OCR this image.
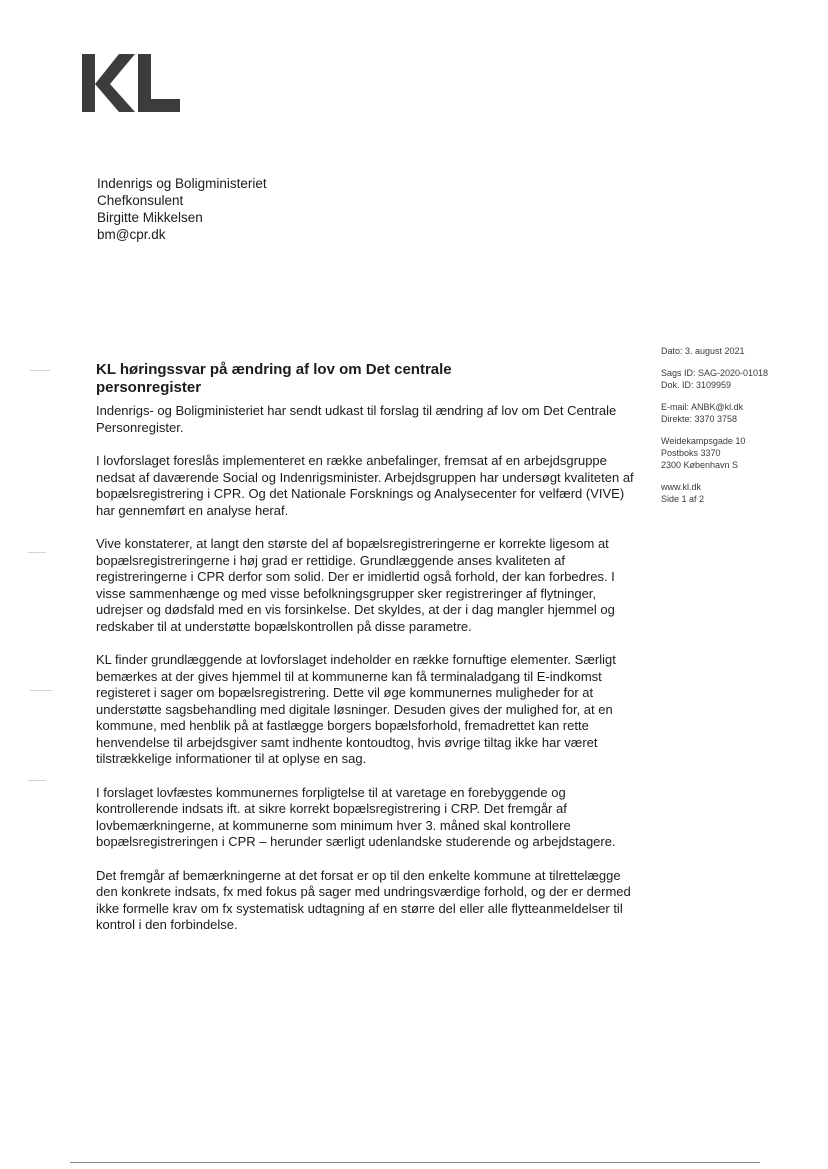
Indenrigs og Boligministeriet
Chefkonsulent
Birgitte Mikkelsen
bm@cpr.dk
Dato: 3. august 2021
Sags ID: SAG-2020-01018
Dok. ID: 3109959
E-mail: ANBK@kl.dk
Direkte: 3370 3758
Weidekampsgade 10
Postboks 3370
2300 København S
www.kl.dk
Side 1 af 2
KL høringssvar på ændring af lov om Det centrale personregister

Indenrigs- og Boligministeriet har sendt udkast til forslag til ændring af lov om Det Centrale Personregister.

I lovforslaget foreslås implementeret en række anbefalinger, fremsat af en arbejdsgruppe nedsat af daværende Social og Indenrigsminister. Arbejdsgruppen har undersøgt kvaliteten af bopælsregistrering i CPR. Og det Nationale Forsknings og Analysecenter for velfærd (VIVE) har gennemført en analyse heraf.

Vive konstaterer, at langt den største del af bopælsregistreringerne er korrekte ligesom at bopælsregistreringerne i høj grad er rettidige. Grundlæggende anses kvaliteten af registreringerne i CPR derfor som solid. Der er imidlertid også forhold, der kan forbedres. I visse sammenhænge og med visse befolkningsgrupper sker registreringer af flytninger, udrejser og dødsfald med en vis forsinkelse. Det skyldes, at der i dag mangler hjemmel og redskaber til at understøtte bopælskontrollen på disse parametre.

KL finder grundlæggende at lovforslaget indeholder en række fornuftige elementer. Særligt bemærkes at der gives hjemmel til at kommunerne kan få terminaladgang til E-indkomst registeret i sager om bopælsregistrering. Dette vil øge kommunernes muligheder for at understøtte sagsbehandling med digitale løsninger. Desuden gives der mulighed for, at en kommune, med henblik på at fastlægge borgers bopælsforhold, fremadrettet kan rette henvendelse til arbejdsgiver samt indhente kontoudtog, hvis øvrige tiltag ikke har været tilstrækkelige informationer til at oplyse en sag.

I forslaget lovfæstes kommunernes forpligtelse til at varetage en forebyggende og kontrollerende indsats ift. at sikre korrekt bopælsregistrering i CRP. Det fremgår af lovbemærkningerne, at kommunerne som minimum hver 3. måned skal kontrollere bopælsregistreringen i CPR – herunder særligt udenlandske studerende og arbejdstagere.

Det fremgår af bemærkningerne at det forsat er op til den enkelte kommune at tilrettelægge den konkrete indsats, fx med fokus på sager med undringsværdige forhold, og der er dermed ikke formelle krav om fx systematisk udtagning af en større del eller alle flytteanmeldelser til kontrol i den forbindelse.
